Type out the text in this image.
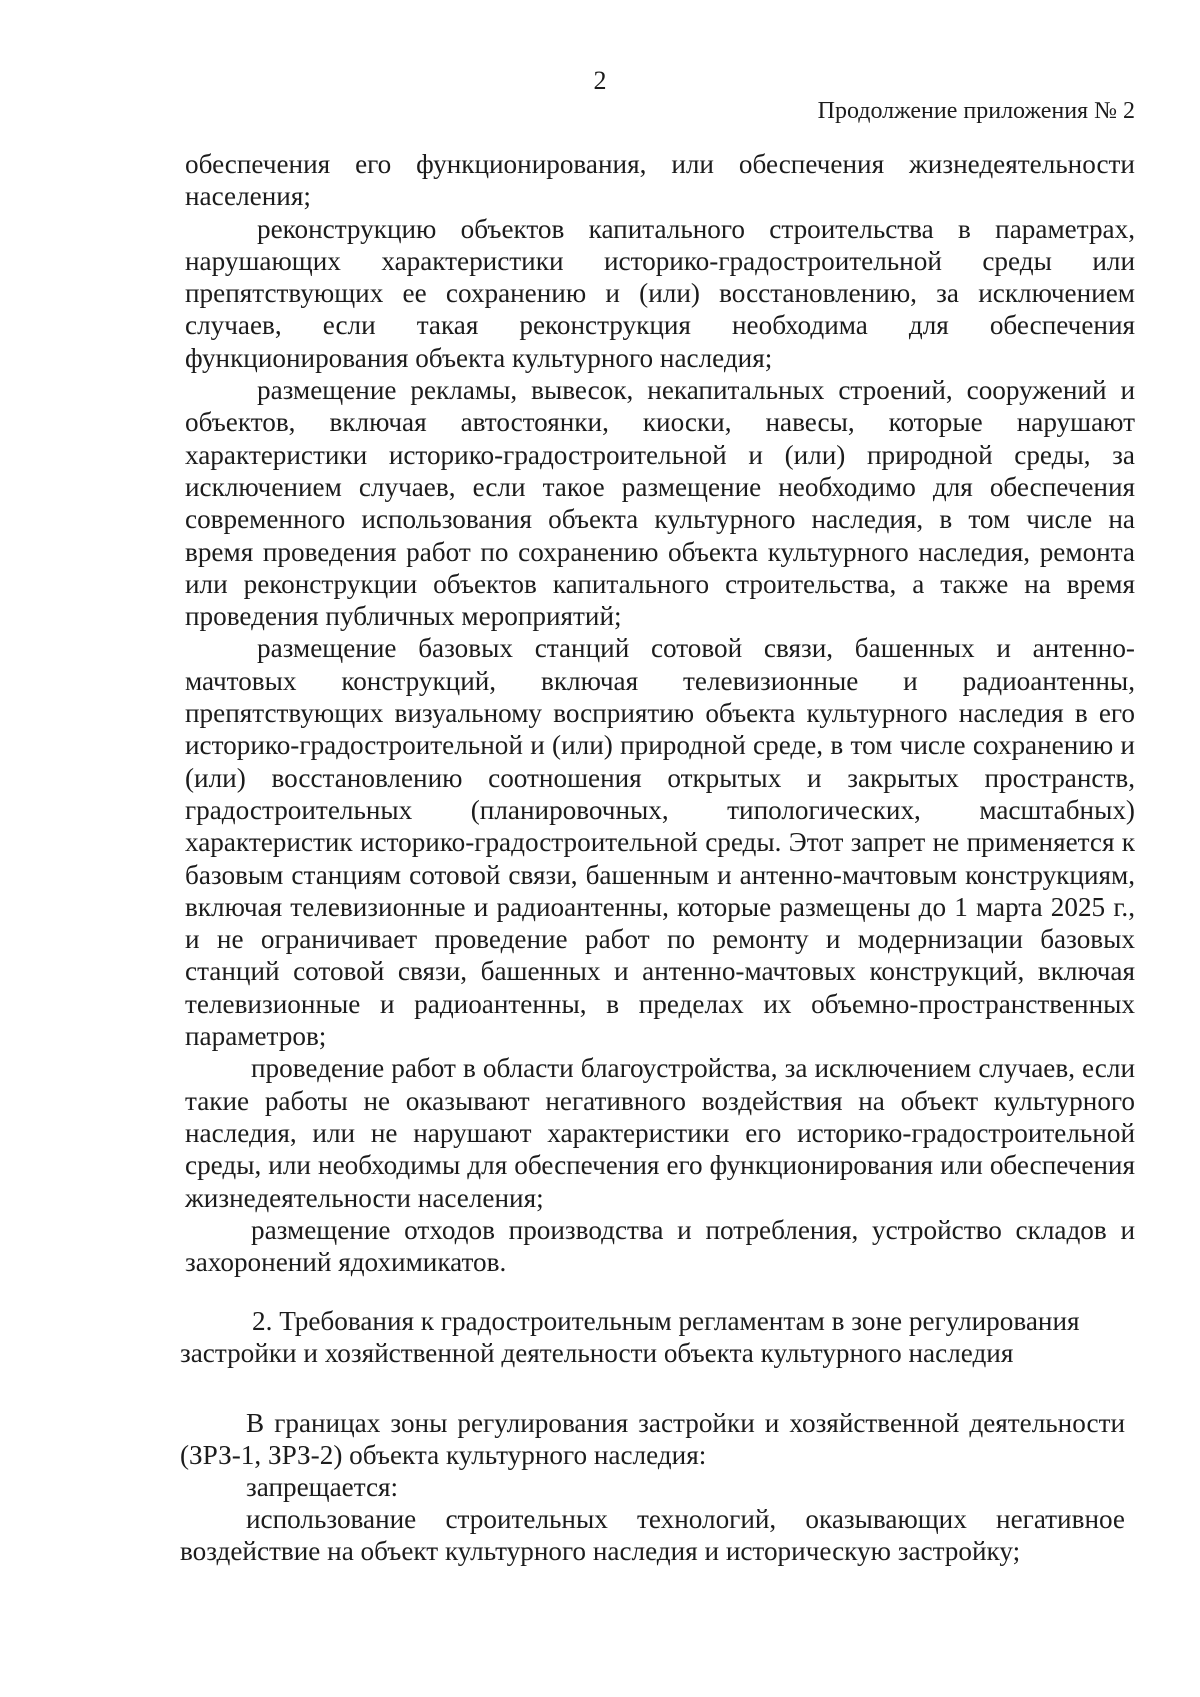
2
Продолжение приложения № 2

обеспечения его функционирования, или обеспечения жизнедеятельности населения;

реконструкцию объектов капитального строительства в параметрах, нарушающих характеристики историко-градостроительной среды или препятствующих ее сохранению и (или) восстановлению, за исключением случаев, если такая реконструкция необходима для обеспечения функционирования объекта культурного наследия;

размещение рекламы, вывесок, некапитальных строений, сооружений и объектов, включая автостоянки, киоски, навесы, которые нарушают характеристики историко-градостроительной и (или) природной среды, за исключением случаев, если такое размещение необходимо для обеспечения современного использования объекта культурного наследия, в том числе на время проведения работ по сохранению объекта культурного наследия, ремонта или реконструкции объектов капитального строительства, а также на время проведения публичных мероприятий;

размещение базовых станций сотовой связи, башенных и антенно-мачтовых конструкций, включая телевизионные и радиоантенны, препятствующих визуальному восприятию объекта культурного наследия в его историко-градостроительной и (или) природной среде, в том числе сохранению и (или) восстановлению соотношения открытых и закрытых пространств, градостроительных (планировочных, типологических, масштабных) характеристик историко-градостроительной среды. Этот запрет не применяется к базовым станциям сотовой связи, башенным и антенно-мачтовым конструкциям, включая телевизионные и радиоантенны, которые размещены до 1 марта 2025 г., и не ограничивает проведение работ по ремонту и модернизации базовых станций сотовой связи, башенных и антенно-мачтовых конструкций, включая телевизионные и радиоантенны, в пределах их объемно-пространственных параметров;

проведение работ в области благоустройства, за исключением случаев, если такие работы не оказывают негативного воздействия на объект культурного наследия, или не нарушают характеристики его историко-градостроительной среды, или необходимы для обеспечения его функционирования или обеспечения жизнедеятельности населения;

размещение отходов производства и потребления, устройство складов и захоронений ядохимикатов.

2. Требования к градостроительным регламентам в зоне регулирования застройки и хозяйственной деятельности объекта культурного наследия

В границах зоны регулирования застройки и хозяйственной деятельности (ЗРЗ-1, ЗРЗ-2) объекта культурного наследия:

запрещается:

использование строительных технологий, оказывающих негативное воздействие на объект культурного наследия и историческую застройку;
